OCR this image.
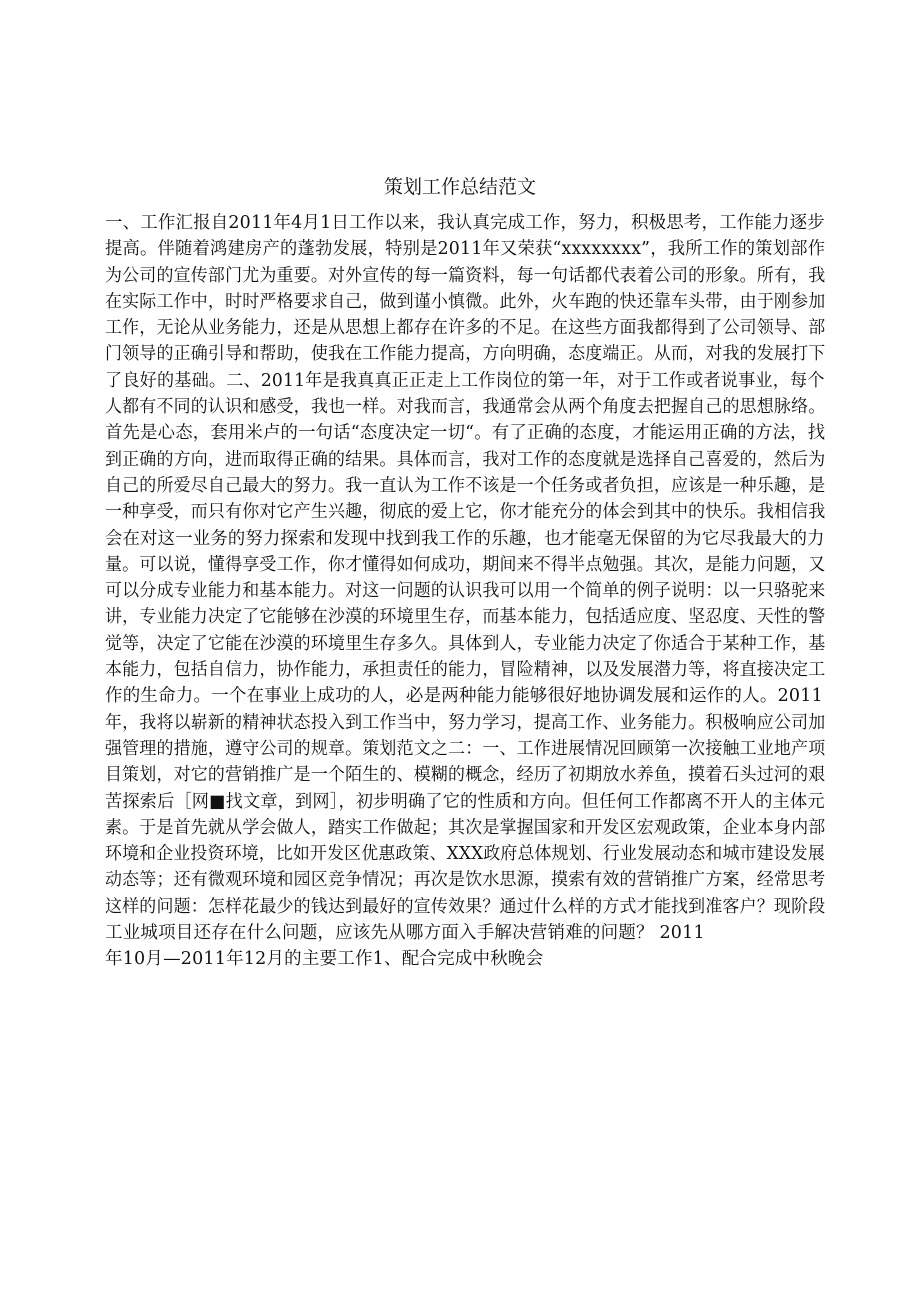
策划工作总结范文
一、工作汇报自2011年4月1日工作以来，我认真完成工作，努力，积极思考，工作能力逐步
提高。伴随着鸿建房产的蓬勃发展，特别是2011年又荣获“xxxxxxxx”，我所工作的策划部作
为公司的宣传部门尤为重要。对外宣传的每一篇资料，每一句话都代表着公司的形象。所有，我
在实际工作中，时时严格要求自己，做到谨小慎微。此外，火车跑的快还靠车头带，由于刚参加
工作，无论从业务能力，还是从思想上都存在许多的不足。在这些方面我都得到了公司领导、部
门领导的正确引导和帮助，使我在工作能力提高，方向明确，态度端正。从而，对我的发展打下
了良好的基础。二、2011年是我真真正正走上工作岗位的第一年，对于工作或者说事业，每个
人都有不同的认识和感受，我也一样。对我而言，我通常会从两个角度去把握自己的思想脉络。
首先是心态，套用米卢的一句话“态度决定一切“。有了正确的态度，才能运用正确的方法，找
到正确的方向，进而取得正确的结果。具体而言，我对工作的态度就是选择自己喜爱的，然后为
自己的所爱尽自己最大的努力。我一直认为工作不该是一个任务或者负担，应该是一种乐趣，是
一种享受，而只有你对它产生兴趣，彻底的爱上它，你才能充分的体会到其中的快乐。我相信我
会在对这一业务的努力探索和发现中找到我工作的乐趣，也才能毫无保留的为它尽我最大的力
量。可以说，懂得享受工作，你才懂得如何成功，期间来不得半点勉强。其次，是能力问题，又
可以分成专业能力和基本能力。对这一问题的认识我可以用一个简单的例子说明：以一只骆驼来
讲，专业能力决定了它能够在沙漠的环境里生存，而基本能力，包括适应度、坚忍度、天性的警
觉等，决定了它能在沙漠的环境里生存多久。具体到人，专业能力决定了你适合于某种工作，基
本能力，包括自信力，协作能力，承担责任的能力，冒险精神，以及发展潜力等，将直接决定工
作的生命力。一个在事业上成功的人，必是两种能力能够很好地协调发展和运作的人。2011
年，我将以崭新的精神状态投入到工作当中，努力学习，提高工作、业务能力。积极响应公司加
强管理的措施，遵守公司的规章。策划范文之二：一、工作进展情况回顾第一次接触工业地产项
目策划，对它的营销推广是一个陌生的、模糊的概念，经历了初期放水养鱼，摸着石头过河的艰
苦探索后［网■找文章，到网］，初步明确了它的性质和方向。但任何工作都离不开人的主体元
素。于是首先就从学会做人，踏实工作做起；其次是掌握国家和开发区宏观政策，企业本身内部
环境和企业投资环境，比如开发区优惠政策、XXX政府总体规划、行业发展动态和城市建设发展
动态等；还有微观环境和园区竞争情况；再次是饮水思源，摸索有效的营销推广方案，经常思考
这样的问题：怎样花最少的钱达到最好的宣传效果？通过什么样的方式才能找到准客户？现阶段
工业城项目还存在什么问题，应该先从哪方面入手解决营销难的问题？ 2011
年10月—2011年12月的主要工作1、配合完成中秋晚会
